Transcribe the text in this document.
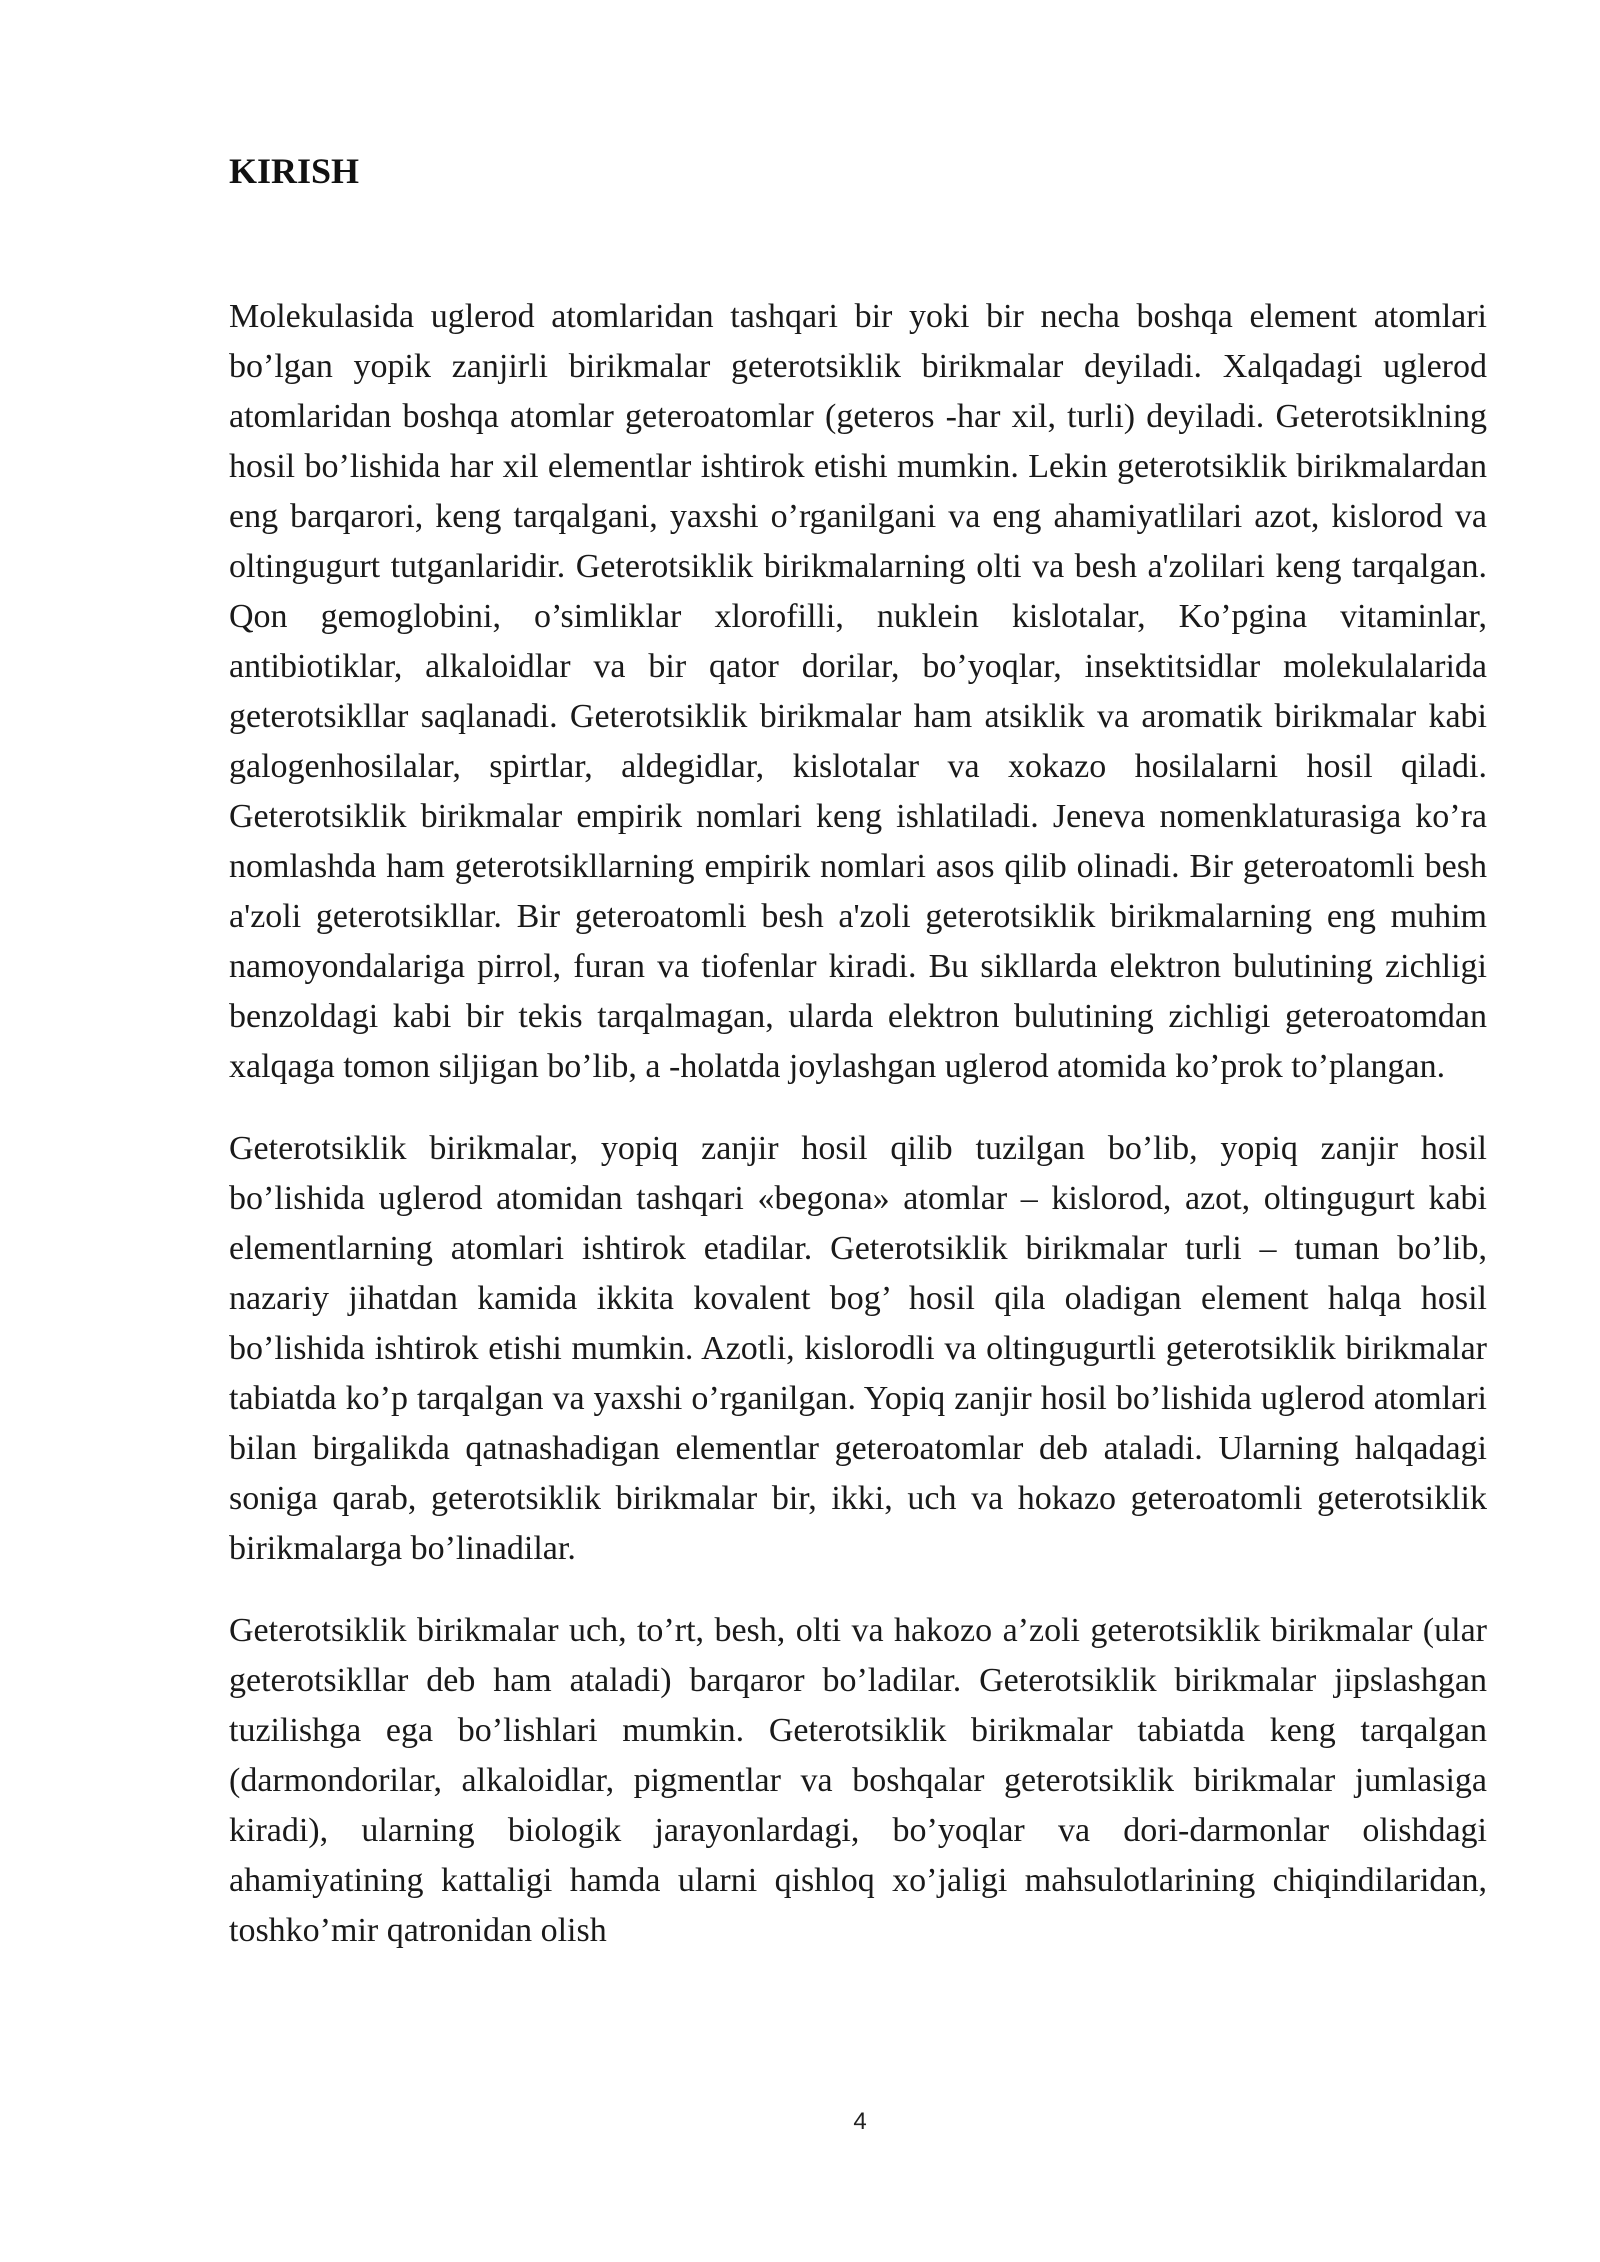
KIRISH

Molekulasida uglerod atomlaridan tashqari bir yoki bir necha boshqa element atomlari bo’lgan yopik zanjirli birikmalar geterotsiklik birikmalar deyiladi. Xalqadagi uglerod atomlaridan boshqa atomlar geteroatomlar (geteros -har xil, turli) deyiladi. Geterotsiklning hosil bo’lishida har xil elementlar ishtirok etishi mumkin. Lekin geterotsiklik birikmalardan eng barqarori, keng tarqalgani, yaxshi o’rganilgani va eng ahamiyatlilari azot, kislorod va oltingugurt tutganlaridir. Geterotsiklik birikmalarning olti va besh a'zolilari keng tarqalgan. Qon gemoglobini, o’simliklar xlorofilli, nuklein kislotalar, Ko’pgina vitaminlar, antibiotiklar, alkaloidlar va bir qator dorilar, bo’yoqlar, insektitsidlar molekulalarida geterotsikllar saqlanadi. Geterotsiklik birikmalar ham atsiklik va aromatik birikmalar kabi galogenhosilalar, spirtlar, aldegidlar, kislotalar va xokazo hosilalarni hosil qiladi. Geterotsiklik birikmalar empirik nomlari keng ishlatiladi. Jeneva nomenklaturasiga ko’ra nomlashda ham geterotsikllarning empirik nomlari asos qilib olinadi. Bir geteroatomli besh a'zoli geterotsikllar. Bir geteroatomli besh a'zoli geterotsiklik birikmalarning eng muhim namoyondalariga pirrol, furan va tiofenlar kiradi. Bu sikllarda elektron bulutining zichligi benzoldagi kabi bir tekis tarqalmagan, ularda elektron bulutining zichligi geteroatomdan xalqaga tomon siljigan bo’lib, a -holatda joylashgan uglerod atomida ko’prok to’plangan.

Geterotsiklik birikmalar, yopiq zanjir hosil qilib tuzilgan bo’lib, yopiq zanjir hosil bo’lishida uglerod atomidan tashqari «begona» atomlar – kislorod, azot, oltingugurt kabi elementlarning atomlari ishtirok etadilar. Geterotsiklik birikmalar turli – tuman bo’lib, nazariy jihatdan kamida ikkita kovalent bog’ hosil qila oladigan element halqa hosil bo’lishida ishtirok etishi mumkin. Azotli, kislorodli va oltingugurtli geterotsiklik birikmalar tabiatda ko’p tarqalgan va yaxshi o’rganilgan. Yopiq zanjir hosil bo’lishida uglerod atomlari bilan birgalikda qatnashadigan elementlar geteroatomlar deb ataladi. Ularning halqadagi soniga qarab, geterotsiklik birikmalar bir, ikki, uch va hokazo geteroatomli geterotsiklik birikmalarga bo’linadilar.

Geterotsiklik birikmalar uch, to’rt, besh, olti va hakozo a’zoli geterotsiklik birikmalar (ular geterotsikllar deb ham ataladi) barqaror bo’ladilar. Geterotsiklik birikmalar jipslashgan tuzilishga ega bo’lishlari mumkin. Geterotsiklik birikmalar tabiatda keng tarqalgan (darmondorilar, alkaloidlar, pigmentlar va boshqalar geterotsiklik birikmalar jumlasiga kiradi), ularning biologik jarayonlardagi, bo’yoqlar va dori-darmonlar olishdagi ahamiyatining kattaligi hamda ularni qishloq xo’jaligi mahsulotlarining chiqindilaridan, toshko’mir qatronidan olish

4
